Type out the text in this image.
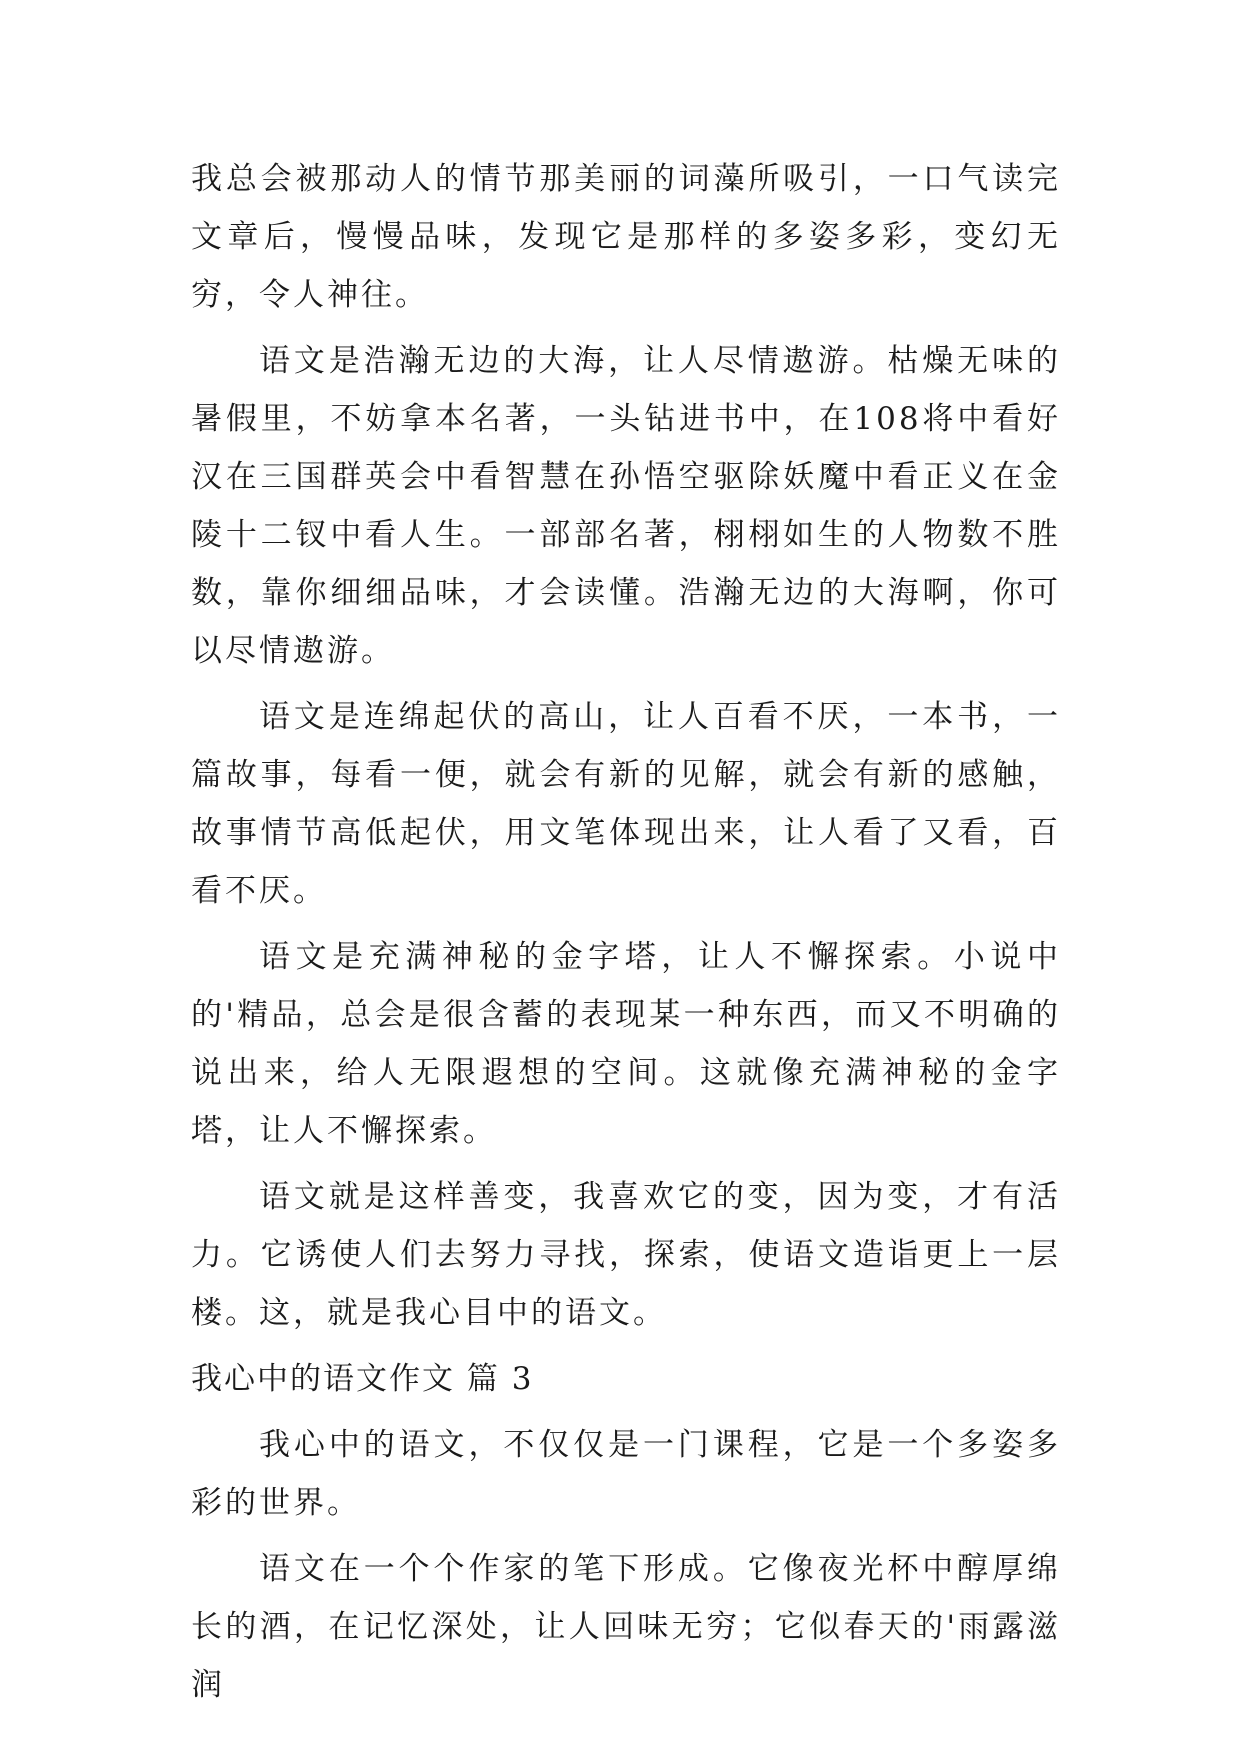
我总会被那动人的情节那美丽的词藻所吸引，一口气读完文章后，慢慢品味，发现它是那样的多姿多彩，变幻无穷，令人神往。

语文是浩瀚无边的大海，让人尽情遨游。枯燥无味的暑假里，不妨拿本名著，一头钻进书中，在108将中看好汉在三国群英会中看智慧在孙悟空驱除妖魔中看正义在金陵十二钗中看人生。一部部名著，栩栩如生的人物数不胜数，靠你细细品味，才会读懂。浩瀚无边的大海啊，你可以尽情遨游。

语文是连绵起伏的高山，让人百看不厌，一本书，一篇故事，每看一便，就会有新的见解，就会有新的感触，故事情节高低起伏，用文笔体现出来，让人看了又看，百看不厌。

语文是充满神秘的金字塔，让人不懈探索。小说中的'精品，总会是很含蓄的表现某一种东西，而又不明确的说出来，给人无限遐想的空间。这就像充满神秘的金字塔，让人不懈探索。

语文就是这样善变，我喜欢它的变，因为变，才有活力。它诱使人们去努力寻找，探索，使语文造诣更上一层楼。这，就是我心目中的语文。

我心中的语文作文 篇 3

我心中的语文，不仅仅是一门课程，它是一个多姿多彩的世界。

语文在一个个作家的笔下形成。它像夜光杯中醇厚绵长的酒，在记忆深处，让人回味无穷；它似春天的'雨露滋润
